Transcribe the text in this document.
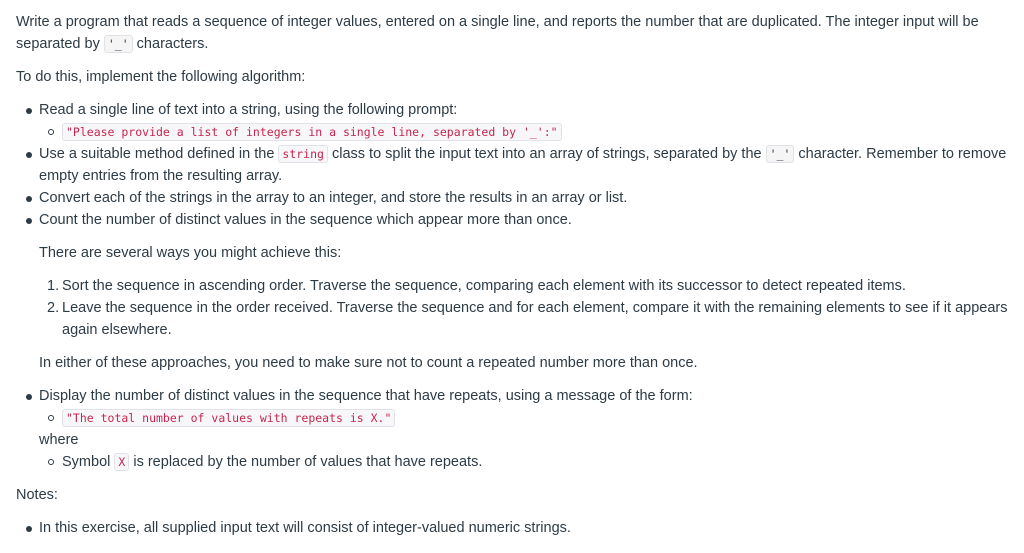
Write a program that reads a sequence of integer values, entered on a single line, and reports the number that are duplicated. The integer input will be separated by '_' characters.

To do this, implement the following algorithm:

Read a single line of text into a string, using the following prompt:
"Please provide a list of integers in a single line, separated by '_':"
Use a suitable method defined in the string class to split the input text into an array of strings, separated by the '_' character. Remember to remove empty entries from the resulting array.
Convert each of the strings in the array to an integer, and store the results in an array or list.
Count the number of distinct values in the sequence which appear more than once.

There are several ways you might achieve this:

1. Sort the sequence in ascending order. Traverse the sequence, comparing each element with its successor to detect repeated items.
2. Leave the sequence in the order received. Traverse the sequence and for each element, compare it with the remaining elements to see if it appears again elsewhere.

In either of these approaches, you need to make sure not to count a repeated number more than once.

Display the number of distinct values in the sequence that have repeats, using a message of the form:
"The total number of values with repeats is X."

where

Symbol X is replaced by the number of values that have repeats.

Notes:

In this exercise, all supplied input text will consist of integer-valued numeric strings.
